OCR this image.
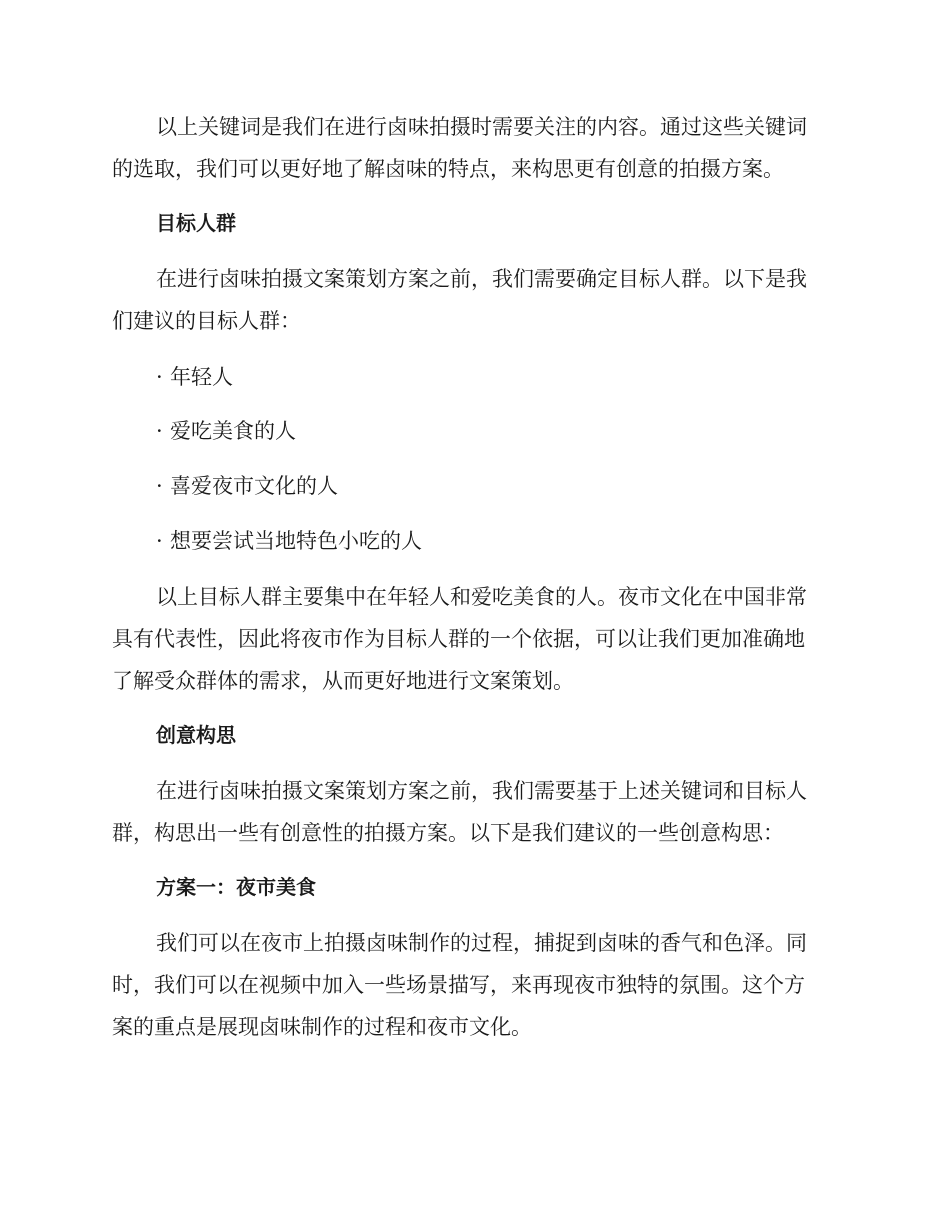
以上关键词是我们在进行卤味拍摄时需要关注的内容。通过这些关键词
的选取，我们可以更好地了解卤味的特点，来构思更有创意的拍摄方案。
目标人群
在进行卤味拍摄文案策划方案之前，我们需要确定目标人群。以下是我
们建议的目标人群：
· 年轻人
· 爱吃美食的人
· 喜爱夜市文化的人
· 想要尝试当地特色小吃的人
以上目标人群主要集中在年轻人和爱吃美食的人。夜市文化在中国非常
具有代表性，因此将夜市作为目标人群的一个依据，可以让我们更加准确地
了解受众群体的需求，从而更好地进行文案策划。
创意构思
在进行卤味拍摄文案策划方案之前，我们需要基于上述关键词和目标人
群，构思出一些有创意性的拍摄方案。以下是我们建议的一些创意构思：
方案一：夜市美食
我们可以在夜市上拍摄卤味制作的过程，捕捉到卤味的香气和色泽。同
时，我们可以在视频中加入一些场景描写，来再现夜市独特的氛围。这个方
案的重点是展现卤味制作的过程和夜市文化。
